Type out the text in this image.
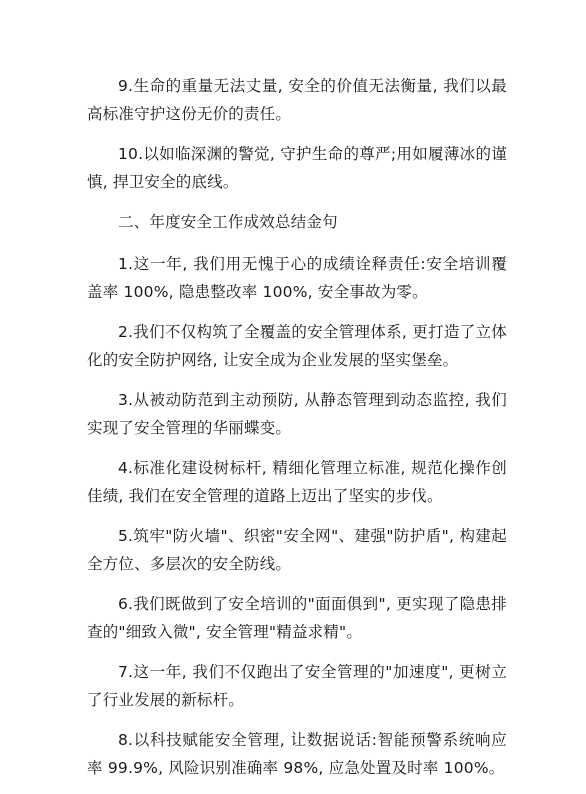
9.生命的重量无法丈量, 安全的价值无法衡量, 我们以最高标准守护这份无价的责任。

10.以如临深渊的警觉, 守护生命的尊严;用如履薄冰的谨慎, 捍卫安全的底线。

二、年度安全工作成效总结金句

1.这一年, 我们用无愧于心的成绩诠释责任:安全培训覆盖率 100%, 隐患整改率 100%, 安全事故为零。

2.我们不仅构筑了全覆盖的安全管理体系, 更打造了立体化的安全防护网络, 让安全成为企业发展的坚实堡垒。

3.从被动防范到主动预防, 从静态管理到动态监控, 我们实现了安全管理的华丽蝶变。

4.标准化建设树标杆, 精细化管理立标准, 规范化操作创佳绩, 我们在安全管理的道路上迈出了坚实的步伐。

5.筑牢"防火墙"、织密"安全网"、建强"防护盾", 构建起全方位、多层次的安全防线。

6.我们既做到了安全培训的"面面俱到", 更实现了隐患排查的"细致入微", 安全管理"精益求精"。

7.这一年, 我们不仅跑出了安全管理的"加速度", 更树立了行业发展的新标杆。

8.以科技赋能安全管理, 让数据说话:智能预警系统响应率 99.9%, 风险识别准确率 98%, 应急处置及时率 100%。
